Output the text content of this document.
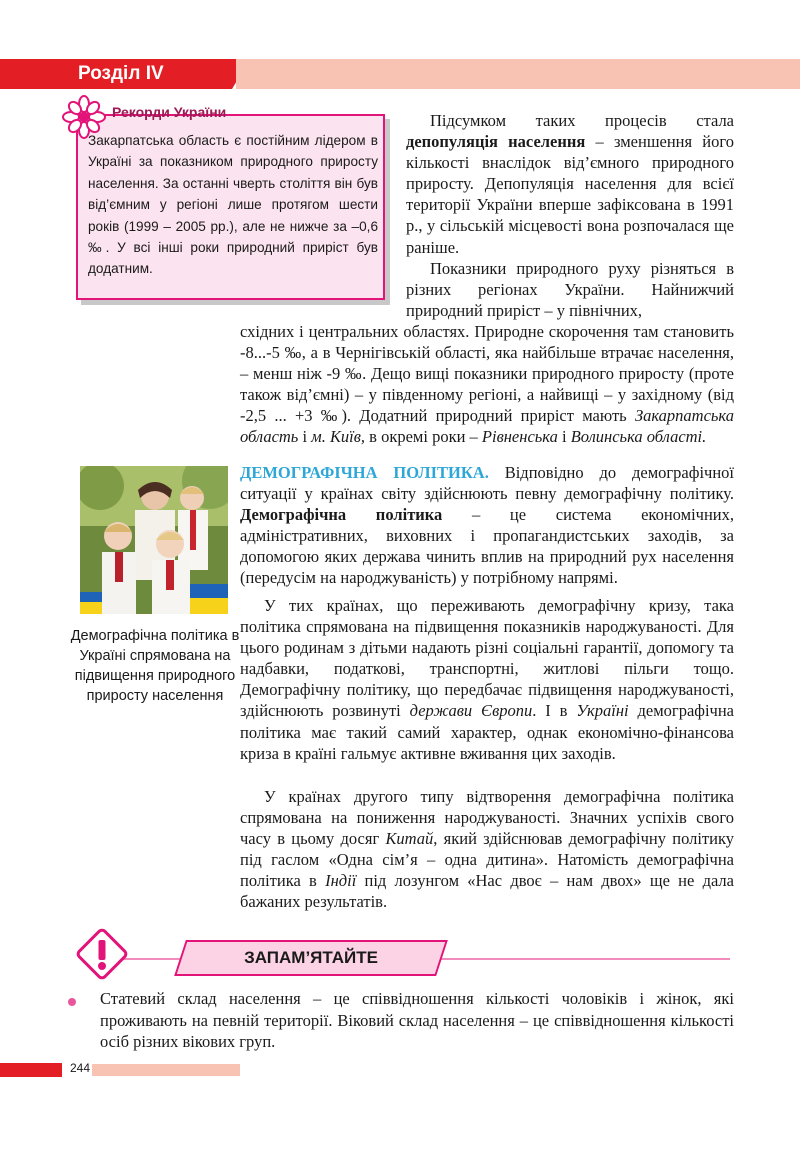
Розділ IV
Рекорди України
Закарпатська область є постійним лідером в Україні за показником природного приросту населення. За останні чверть століття він був від’ємним у регіоні лише протягом шести років (1999 – 2005 рр.), але не нижче за –0,6 ‰. У всі інші роки природний приріст був додатним.

Підсумком таких процесів стала депопуляція населення – зменшення його кількості внаслідок від’ємного природного приросту. Депопуляція населення для всієї території України вперше зафіксована в 1991 р., у сільській місцевості вона розпочалася ще раніше.

Показники природного руху різняться в різних регіонах України. Найнижчий природний приріст – у північних,

східних і центральних областях. Природне скорочення там становить -8...-5 ‰, а в Чернігівській області, яка найбільше втрачає населення, – менш ніж -9 ‰. Дещо вищі показники природного приросту (проте також від’ємні) – у південному регіоні, а найвищі – у західному (від -2,5 ... +3 ‰). Додатний природний приріст мають Закарпатська область і м. Київ, в окремі роки – Рівненська і Волинська області.

ДЕМОГРАФІЧНА ПОЛІТИКА. Відповідно до демографічної ситуації у країнах світу здійснюють певну демографічну політику. Демографічна політика – це система економічних, адміністративних, виховних і пропагандистських заходів, за допомогою яких держава чинить вплив на природний рух населення (передусім на народжуваність) у потрібному напрямі.

У тих країнах, що переживають демографічну кризу, така політика спрямована на підвищення показників народжуваності. Для цього родинам з дітьми надають різні соціальні гарантії, допомогу та надбавки, податкові, транспортні, житлові пільги тощо. Демографічну політику, що передбачає підвищення народжуваності, здійснюють розвинуті держави Європи. І в Україні демографічна політика має такий самий характер, однак економічно-фінансова криза в країні гальмує активне вживання цих заходів.

У країнах другого типу відтворення демографічна політика спрямована на пониження народжуваності. Значних успіхів свого часу в цьому досяг Китай, який здійснював демографічну політику під гаслом «Одна сім’я – одна дитина». Натомість демографічна політика в Індії під лозунгом «Нас двоє – нам двох» ще не дала бажаних результатів.

Демографічна політика в Україні спрямована на підвищення природного приросту населення
ЗАПАМ’ЯТАЙТЕ
Статевий склад населення – це співвідношення кількості чоловіків і жінок, які проживають на певній території. Віковий склад населення – це співвідношення кількості осіб різних вікових груп.
244
